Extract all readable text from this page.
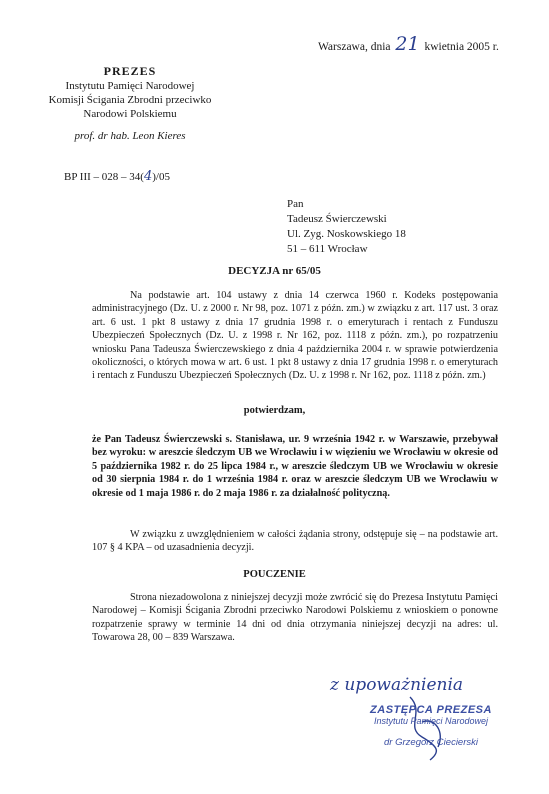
Warszawa, dnia 21 kwietnia 2005 r.
PREZES
Instytutu Pamięci Narodowej
Komisji Ścigania Zbrodni przeciwko
Narodowi Polskiemu
prof. dr hab. Leon Kieres
BP III – 028 – 34(4)/05
Pan
Tadeusz Świerczewski
Ul. Zyg. Noskowskiego 18
51 – 611 Wrocław
DECYZJA nr 65/05
Na podstawie art. 104 ustawy z dnia 14 czerwca 1960 r. Kodeks postępowania administracyjnego (Dz. U. z 2000 r. Nr 98, poz. 1071 z późn. zm.) w związku z art. 117 ust. 3 oraz art. 6 ust. 1 pkt 8 ustawy z dnia 17 grudnia 1998 r. o emeryturach i rentach z Funduszu Ubezpieczeń Społecznych (Dz. U. z 1998 r. Nr 162, poz. 1118 z późn. zm.), po rozpatrzeniu wniosku Pana Tadeusza Świerczewskiego z dnia 4 października 2004 r. w sprawie potwierdzenia okoliczności, o których mowa w art. 6 ust. 1 pkt 8 ustawy z dnia 17 grudnia 1998 r. o emeryturach i rentach z Funduszu Ubezpieczeń Społecznych (Dz. U. z 1998 r. Nr 162, poz. 1118 z późn. zm.)
potwierdzam,
że Pan Tadeusz Świerczewski s. Stanisława, ur. 9 września 1942 r. w Warszawie, przebywał bez wyroku: w areszcie śledczym UB we Wrocławiu i w więzieniu we Wrocławiu w okresie od 5 października 1982 r. do 25 lipca 1984 r., w areszcie śledczym UB we Wrocławiu w okresie od 30 sierpnia 1984 r. do 1 września 1984 r. oraz w areszcie śledczym UB we Wrocławiu w okresie od 1 maja 1986 r. do 2 maja 1986 r. za działalność polityczną.
W związku z uwzględnieniem w całości żądania strony, odstępuje się – na podstawie art. 107 § 4 KPA – od uzasadnienia decyzji.
POUCZENIE
Strona niezadowolona z niniejszej decyzji może zwrócić się do Prezesa Instytutu Pamięci Narodowej – Komisji Ścigania Zbrodni przeciwko Narodowi Polskiemu z wnioskiem o ponowne rozpatrzenie sprawy w terminie 14 dni od dnia otrzymania niniejszej decyzji na adres: ul. Towarowa 28, 00 – 839 Warszawa.
z upoważnienia
ZASTĘPCA PREZESA
Instytutu Pamięci Narodowej
dr Grzegorz Ciecierski
